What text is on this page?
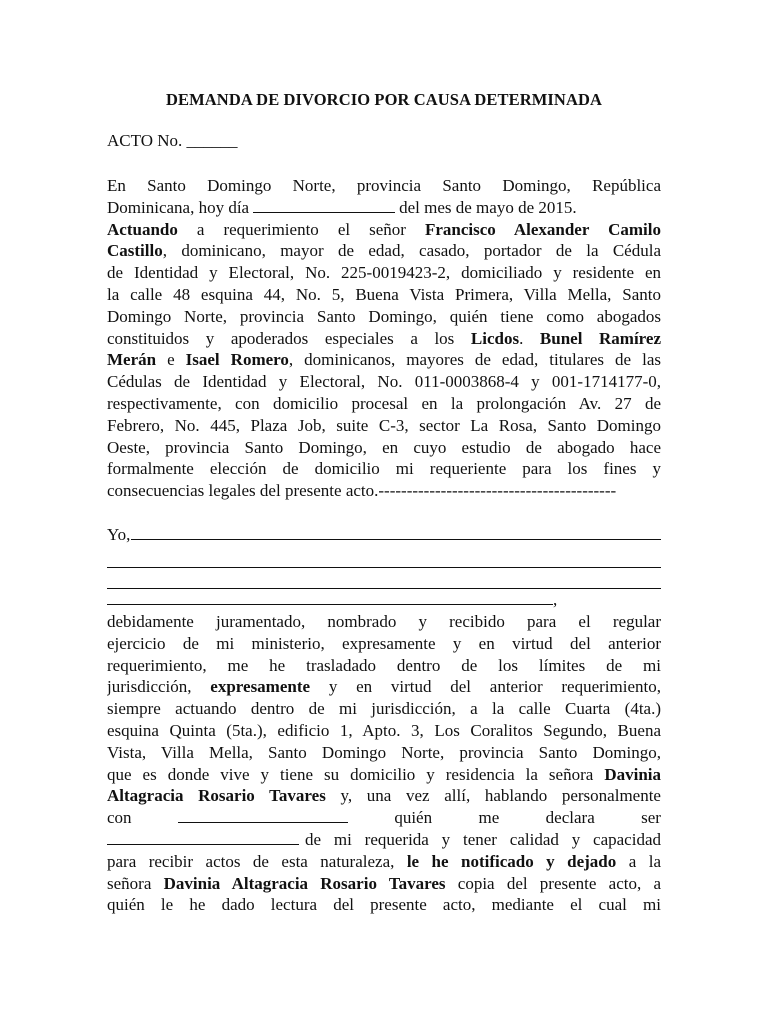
DEMANDA DE DIVORCIO POR CAUSA DETERMINADA
ACTO No. ______
En Santo Domingo Norte, provincia Santo Domingo, República
Dominicana, hoy día	del mes de mayo de 2015.
Actuando a requerimiento el señor Francisco Alexander Camilo
Castillo, dominicano, mayor de edad, casado, portador de la Cédula
de Identidad y Electoral, No. 225-0019423-2, domiciliado y residente en
la calle 48 esquina 44, No. 5, Buena Vista Primera, Villa Mella, Santo
Domingo Norte, provincia Santo Domingo, quién tiene como abogados
constituidos y apoderados especiales a los Licdos. Bunel Ramírez
Merán e Isael Romero, dominicanos, mayores de edad, titulares de las
Cédulas de Identidad y Electoral, No. 011-0003868-4 y 001-1714177-0,
respectivamente, con domicilio procesal en la prolongación Av. 27 de
Febrero, No. 445, Plaza Job, suite C-3, sector La Rosa, Santo Domingo
Oeste, provincia Santo Domingo, en cuyo estudio de abogado hace
formalmente elección de domicilio mi requeriente para los fines y
consecuencias legales del presente acto.------------------------------------------
Yo,
,
debidamente juramentado, nombrado y recibido para el regular
ejercicio de mi ministerio, expresamente y en virtud del anterior
requerimiento, me he trasladado dentro de los límites de mi
jurisdicción, expresamente y en virtud del anterior requerimiento,
siempre actuando dentro de mi jurisdicción, a la calle Cuarta (4ta.)
esquina Quinta (5ta.), edificio 1, Apto. 3, Los Coralitos Segundo, Buena
Vista, Villa Mella, Santo Domingo Norte, provincia Santo Domingo,
que es donde vive y tiene su domicilio y residencia la señora Davinia
Altagracia Rosario Tavares y, una vez allí, hablando personalmente
con	quién	me	declara	ser
de mi requerida y tener calidad y capacidad
para recibir actos de esta naturaleza, le he notificado y dejado a la
señora Davinia Altagracia Rosario Tavares copia del presente acto, a
quién le he dado lectura del presente acto, mediante el cual mi
